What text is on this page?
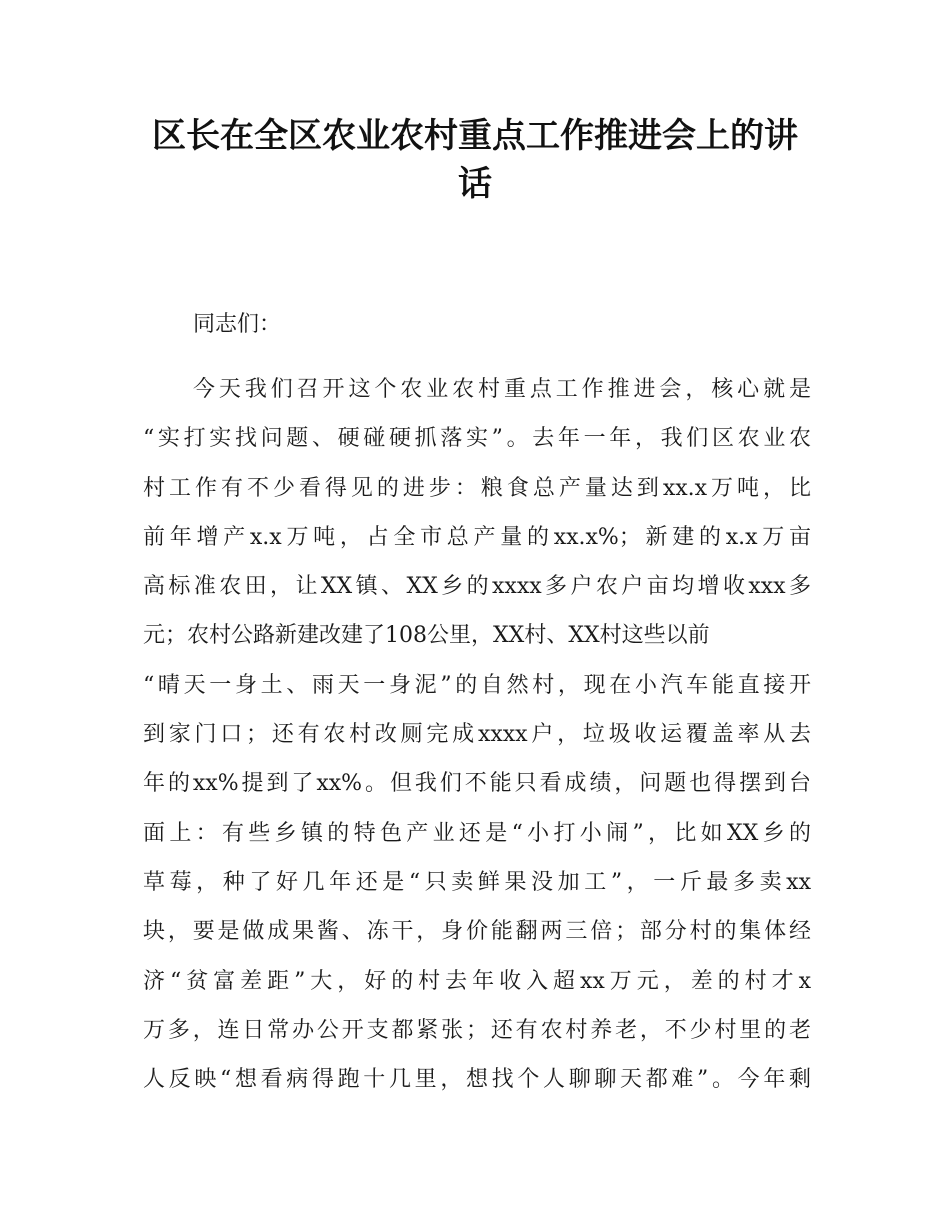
区长在全区农业农村重点工作推进会上的讲话

同志们：

今天我们召开这个农业农村重点工作推进会，核心就是
“实打实找问题、硬碰硬抓落实”。去年一年，我们区农业农
村工作有不少看得见的进步：粮食总产量达到xx.x万吨，比
前年增产x.x万吨，占全市总产量的xx.x%；新建的x.x万亩
高标准农田，让XX镇、XX乡的xxxx多户农户亩均增收xxx多
元；农村公路新建改建了108公里，XX村、XX村这些以前
“晴天一身土、雨天一身泥”的自然村，现在小汽车能直接开
到家门口；还有农村改厕完成xxxx户，垃圾收运覆盖率从去
年的xx%提到了xx%。但我们不能只看成绩，问题也得摆到台
面上：有些乡镇的特色产业还是“小打小闹”，比如XX乡的
草莓，种了好几年还是“只卖鲜果没加工”，一斤最多卖xx
块，要是做成果酱、冻干，身价能翻两三倍；部分村的集体经
济“贫富差距”大，好的村去年收入超xx万元，差的村才x
万多，连日常办公开支都紧张；还有农村养老，不少村里的老
人反映“想看病得跑十几里，想找个人聊聊天都难”。今年剩
